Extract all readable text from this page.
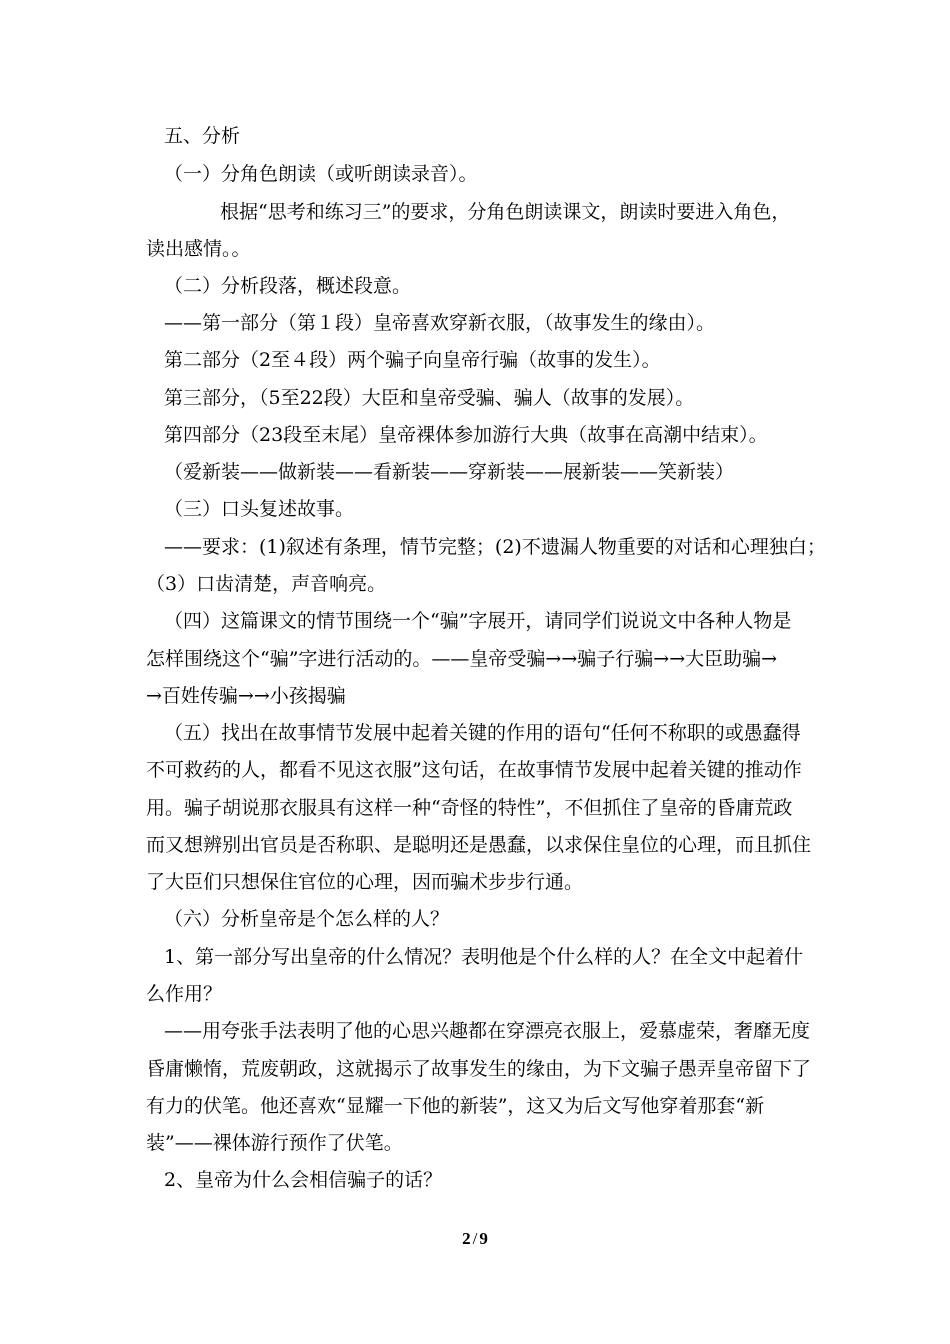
五、分析
（一）分角色朗读（或听朗读录音）。
根据“思考和练习三”的要求，分角色朗读课文，朗读时要进入角色，
读出感情。。
（二）分析段落，概述段意。
——第一部分（第１段）皇帝喜欢穿新衣服，（故事发生的缘由）。
第二部分（2至４段）两个骗子向皇帝行骗（故事的发生）。
第三部分，（5至22段）大臣和皇帝受骗、骗人（故事的发展）。
第四部分（23段至末尾）皇帝裸体参加游行大典（故事在高潮中结束）。
（爱新装——做新装——看新装——穿新装——展新装——笑新装）
（三）口头复述故事。
——要求：(1)叙述有条理，情节完整；(2)不遗漏人物重要的对话和心理独白；
（3）口齿清楚，声音响亮。
（四）这篇课文的情节围绕一个“骗”字展开，请同学们说说文中各种人物是
怎样围绕这个“骗”字进行活动的。——皇帝受骗→→骗子行骗→→大臣助骗→
→百姓传骗→→小孩揭骗
（五）找出在故事情节发展中起着关键的作用的语句“任何不称职的或愚蠢得
不可救药的人，都看不见这衣服”这句话，在故事情节发展中起着关键的推动作
用。骗子胡说那衣服具有这样一种“奇怪的特性”，不但抓住了皇帝的昏庸荒政
而又想辨别出官员是否称职、是聪明还是愚蠢，以求保住皇位的心理，而且抓住
了大臣们只想保住官位的心理，因而骗术步步行通。
（六）分析皇帝是个怎么样的人？
1、第一部分写出皇帝的什么情况？表明他是个什么样的人？在全文中起着什
么作用？
——用夸张手法表明了他的心思兴趣都在穿漂亮衣服上，爱慕虚荣，奢靡无度
昏庸懒惰，荒废朝政，这就揭示了故事发生的缘由，为下文骗子愚弄皇帝留下了
有力的伏笔。他还喜欢“显耀一下他的新装”，这又为后文写他穿着那套“新
装”——裸体游行预作了伏笔。
2、皇帝为什么会相信骗子的话？
2 / 9
